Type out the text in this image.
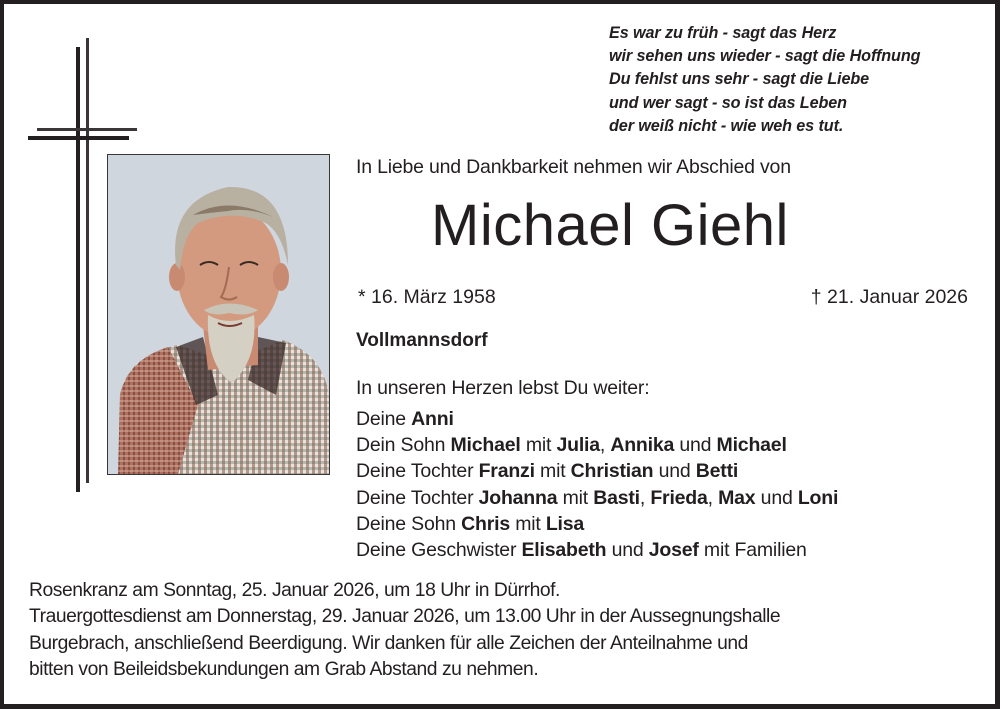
Es war zu früh - sagt das Herz
wir sehen uns wieder - sagt die Hoffnung
Du fehlst uns sehr - sagt die Liebe
und wer sagt - so ist das Leben
der weiß nicht - wie weh es tut.
In Liebe und Dankbarkeit nehmen wir Abschied von
Michael Giehl
* 16. März 1958	† 21. Januar 2026
Vollmannsdorf
In unseren Herzen lebst Du weiter:
Deine Anni
Dein Sohn Michael mit Julia, Annika und Michael
Deine Tochter Franzi mit Christian und Betti
Deine Tochter Johanna mit Basti, Frieda, Max und Loni
Deine Sohn Chris mit Lisa
Deine Geschwister Elisabeth und Josef mit Familien
Rosenkranz am Sonntag, 25. Januar 2026, um 18 Uhr in Dürrhof.
Trauergottesdienst am Donnerstag, 29. Januar 2026, um 13.00 Uhr in der Aussegnungshalle
Burgebrach, anschließend Beerdigung. Wir danken für alle Zeichen der Anteilnahme und
bitten von Beileidsbekundungen am Grab Abstand zu nehmen.
